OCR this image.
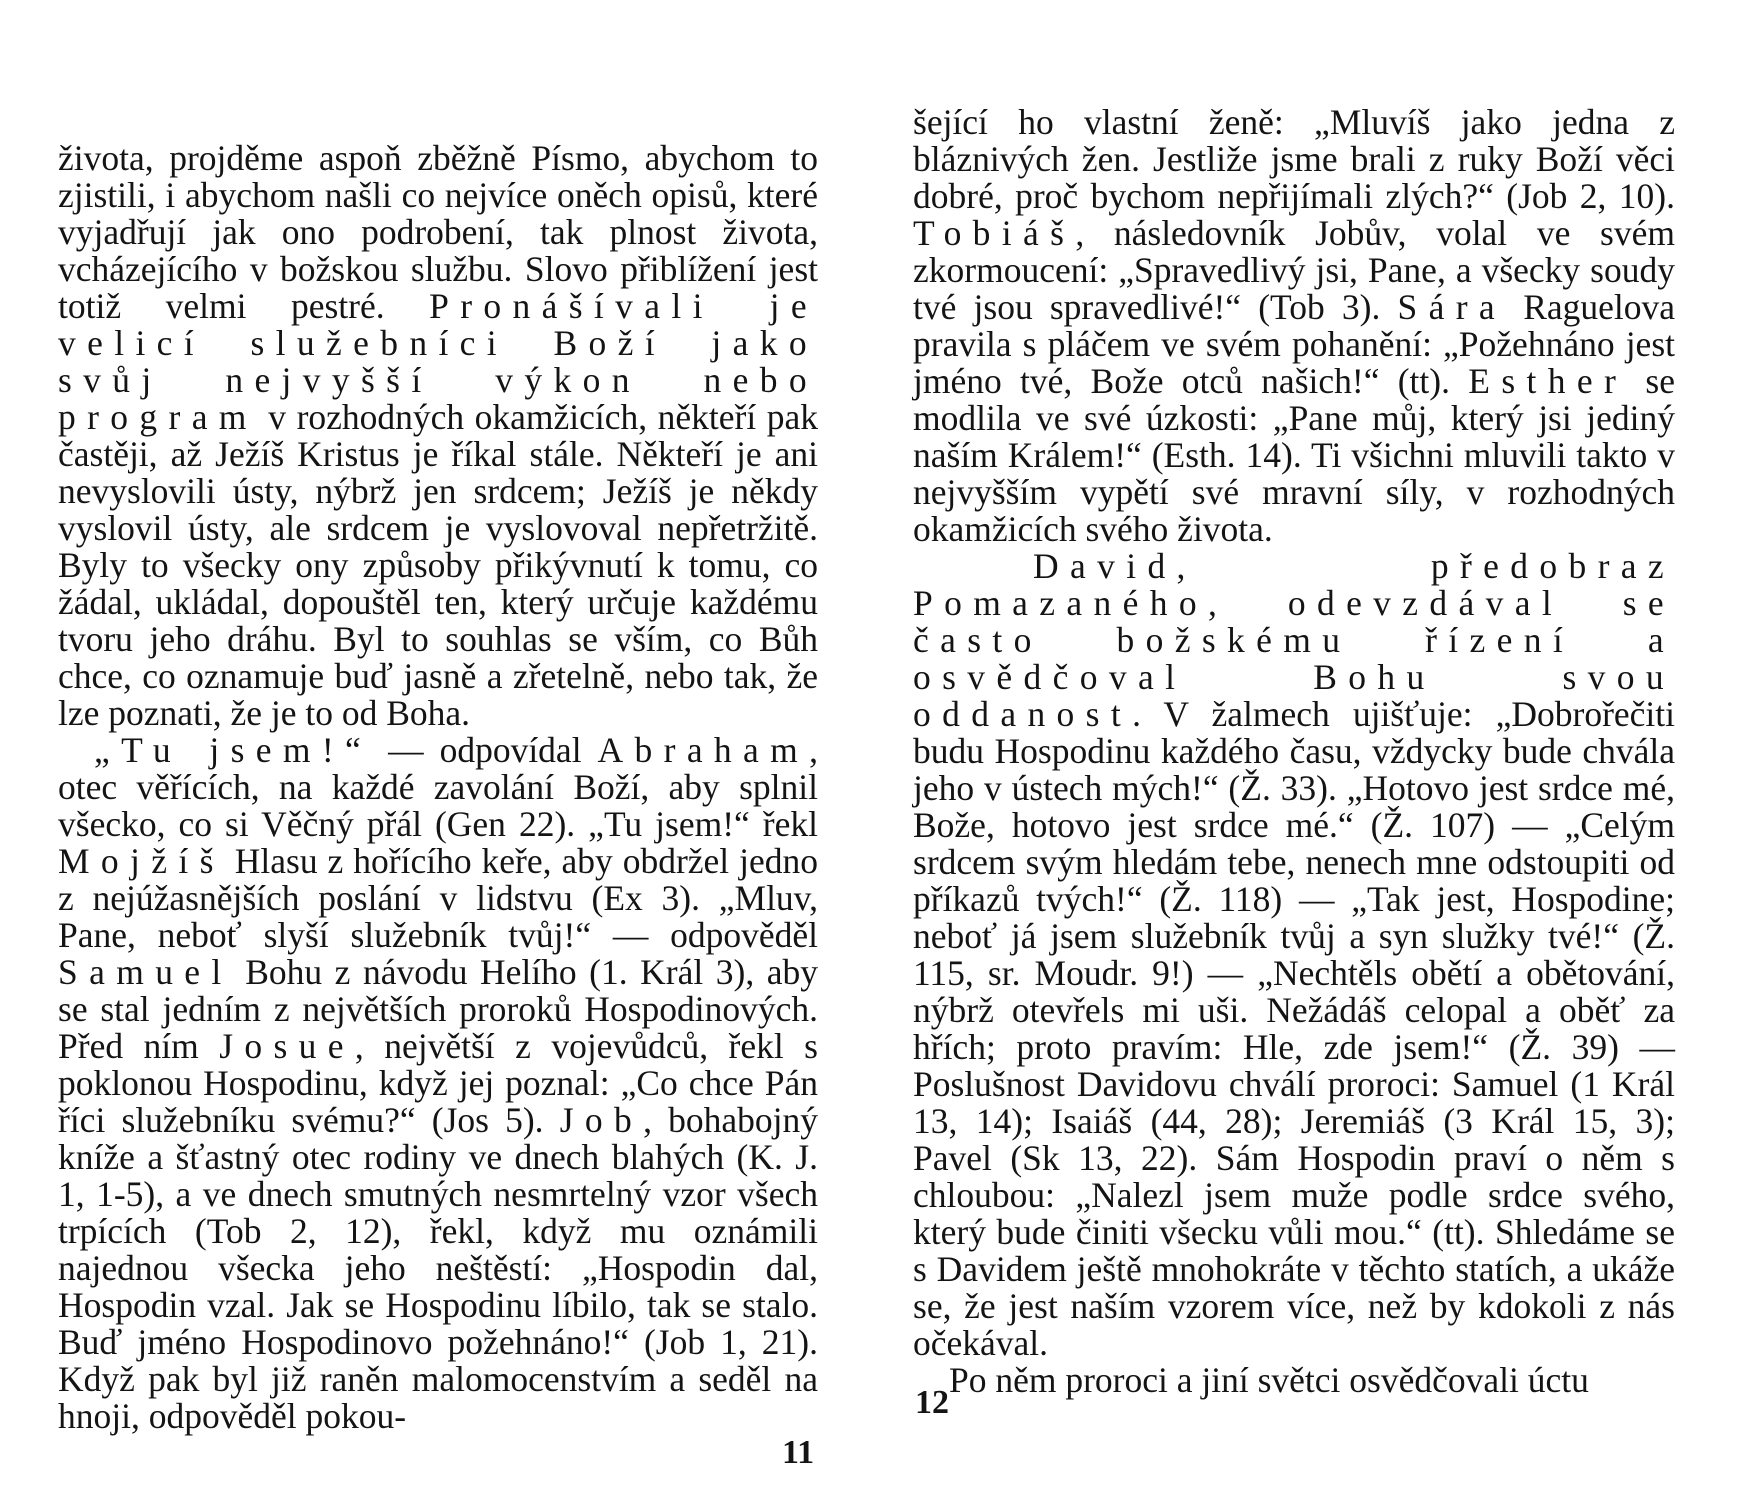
života, projděme aspoň zběžně Písmo, abychom to zjistili, i abychom našli co nejvíce oněch opisů, které vyjadřují jak ono podrobení, tak plnost života, vcházejícího v božskou službu. Slovo přiblížení jest totiž velmi pestré. Pronášívali je velicí služebníci Boží jako svůj nejvyšší výkon nebo program v rozhodných okamžicích, někteří pak častěji, až Ježíš Kristus je říkal stále. Někteří je ani nevyslovili ústy, nýbrž jen srdcem; Ježíš je někdy vyslovil ústy, ale srdcem je vyslovoval nepřetržitě. Byly to všecky ony způsoby přikývnutí k tomu, co žádal, ukládal, dopouštěl ten, který určuje každému tvoru jeho dráhu. Byl to souhlas se vším, co Bůh chce, co oznamuje buď jasně a zřetelně, nebo tak, že lze poznati, že je to od Boha.

„Tu jsem!“ — odpovídal Abraham, otec věřících, na každé zavolání Boží, aby splnil všecko, co si Věčný přál (Gen 22). „Tu jsem!“ řekl Mojžíš Hlasu z hořícího keře, aby obdržel jedno z nejúžasnějších poslání v lidstvu (Ex 3). „Mluv, Pane, neboť slyší služebník tvůj!“ — odpověděl Samuel Bohu z návodu Helího (1. Král 3), aby se stal jedním z největších proroků Hospodinových. Před ním Josue, největší z vojevůdců, řekl s poklonou Hospodinu, když jej poznal: „Co chce Pán říci služebníku svému?“ (Jos 5). Job, bohabojný kníže a šťastný otec rodiny ve dnech blahých (K. J. 1, 1-5), a ve dnech smutných nesmrtelný vzor všech trpících (Tob 2, 12), řekl, když mu oznámili najednou všecka jeho neštěstí: „Hospodin dal, Hospodin vzal. Jak se Hospodinu líbilo, tak se stalo. Buď jméno Hospodinovo požehnáno!“ (Job 1, 21). Když pak byl již raněn malomocenstvím a seděl na hnoji, odpověděl pokou-

11

šející ho vlastní ženě: „Mluvíš jako jedna z bláznivých žen. Jestliže jsme brali z ruky Boží věci dobré, proč bychom nepřijímali zlých?“ (Job 2, 10). Tobiáš, následovník Jobův, volal ve svém zkormoucení: „Spravedlivý jsi, Pane, a všecky soudy tvé jsou spravedlivé!“ (Tob 3). Sára Raguelova pravila s pláčem ve svém pohanění: „Požehnáno jest jméno tvé, Bože otců našich!“ (tt). Esther se modlila ve své úzkosti: „Pane můj, který jsi jediný naším Králem!“ (Esth. 14). Ti všichni mluvili takto v nejvyšším vypětí své mravní síly, v rozhodných okamžicích svého života.

David, předobraz Pomazaného, odevzdával se často božskému řízení a osvědčoval Bohu svou oddanost. V žalmech ujišťuje: „Dobrořečiti budu Hospodinu každého času, vždycky bude chvála jeho v ústech mých!“ (Ž. 33). „Hotovo jest srdce mé, Bože, hotovo jest srdce mé.“ (Ž. 107) — „Celým srdcem svým hledám tebe, nenech mne odstoupiti od příkazů tvých!“ (Ž. 118) — „Tak jest, Hospodine; neboť já jsem služebník tvůj a syn služky tvé!“ (Ž. 115, sr. Moudr. 9!) — „Nechtěls obětí a obětování, nýbrž otevřels mi uši. Nežádáš celopal a oběť za hřích; proto pravím: Hle, zde jsem!“ (Ž. 39) — Poslušnost Davidovu chválí proroci: Samuel (1 Král 13, 14); Isaiáš (44, 28); Jeremiáš (3 Král 15, 3); Pavel (Sk 13, 22). Sám Hospodin praví o něm s chloubou: „Nalezl jsem muže podle srdce svého, který bude činiti všecku vůli mou.“ (tt). Shledáme se s Davidem ještě mnohokráte v těchto statích, a ukáže se, že jest naším vzorem více, než by kdokoli z nás očekával.

Po něm proroci a jiní světci osvědčovali úctu

12
